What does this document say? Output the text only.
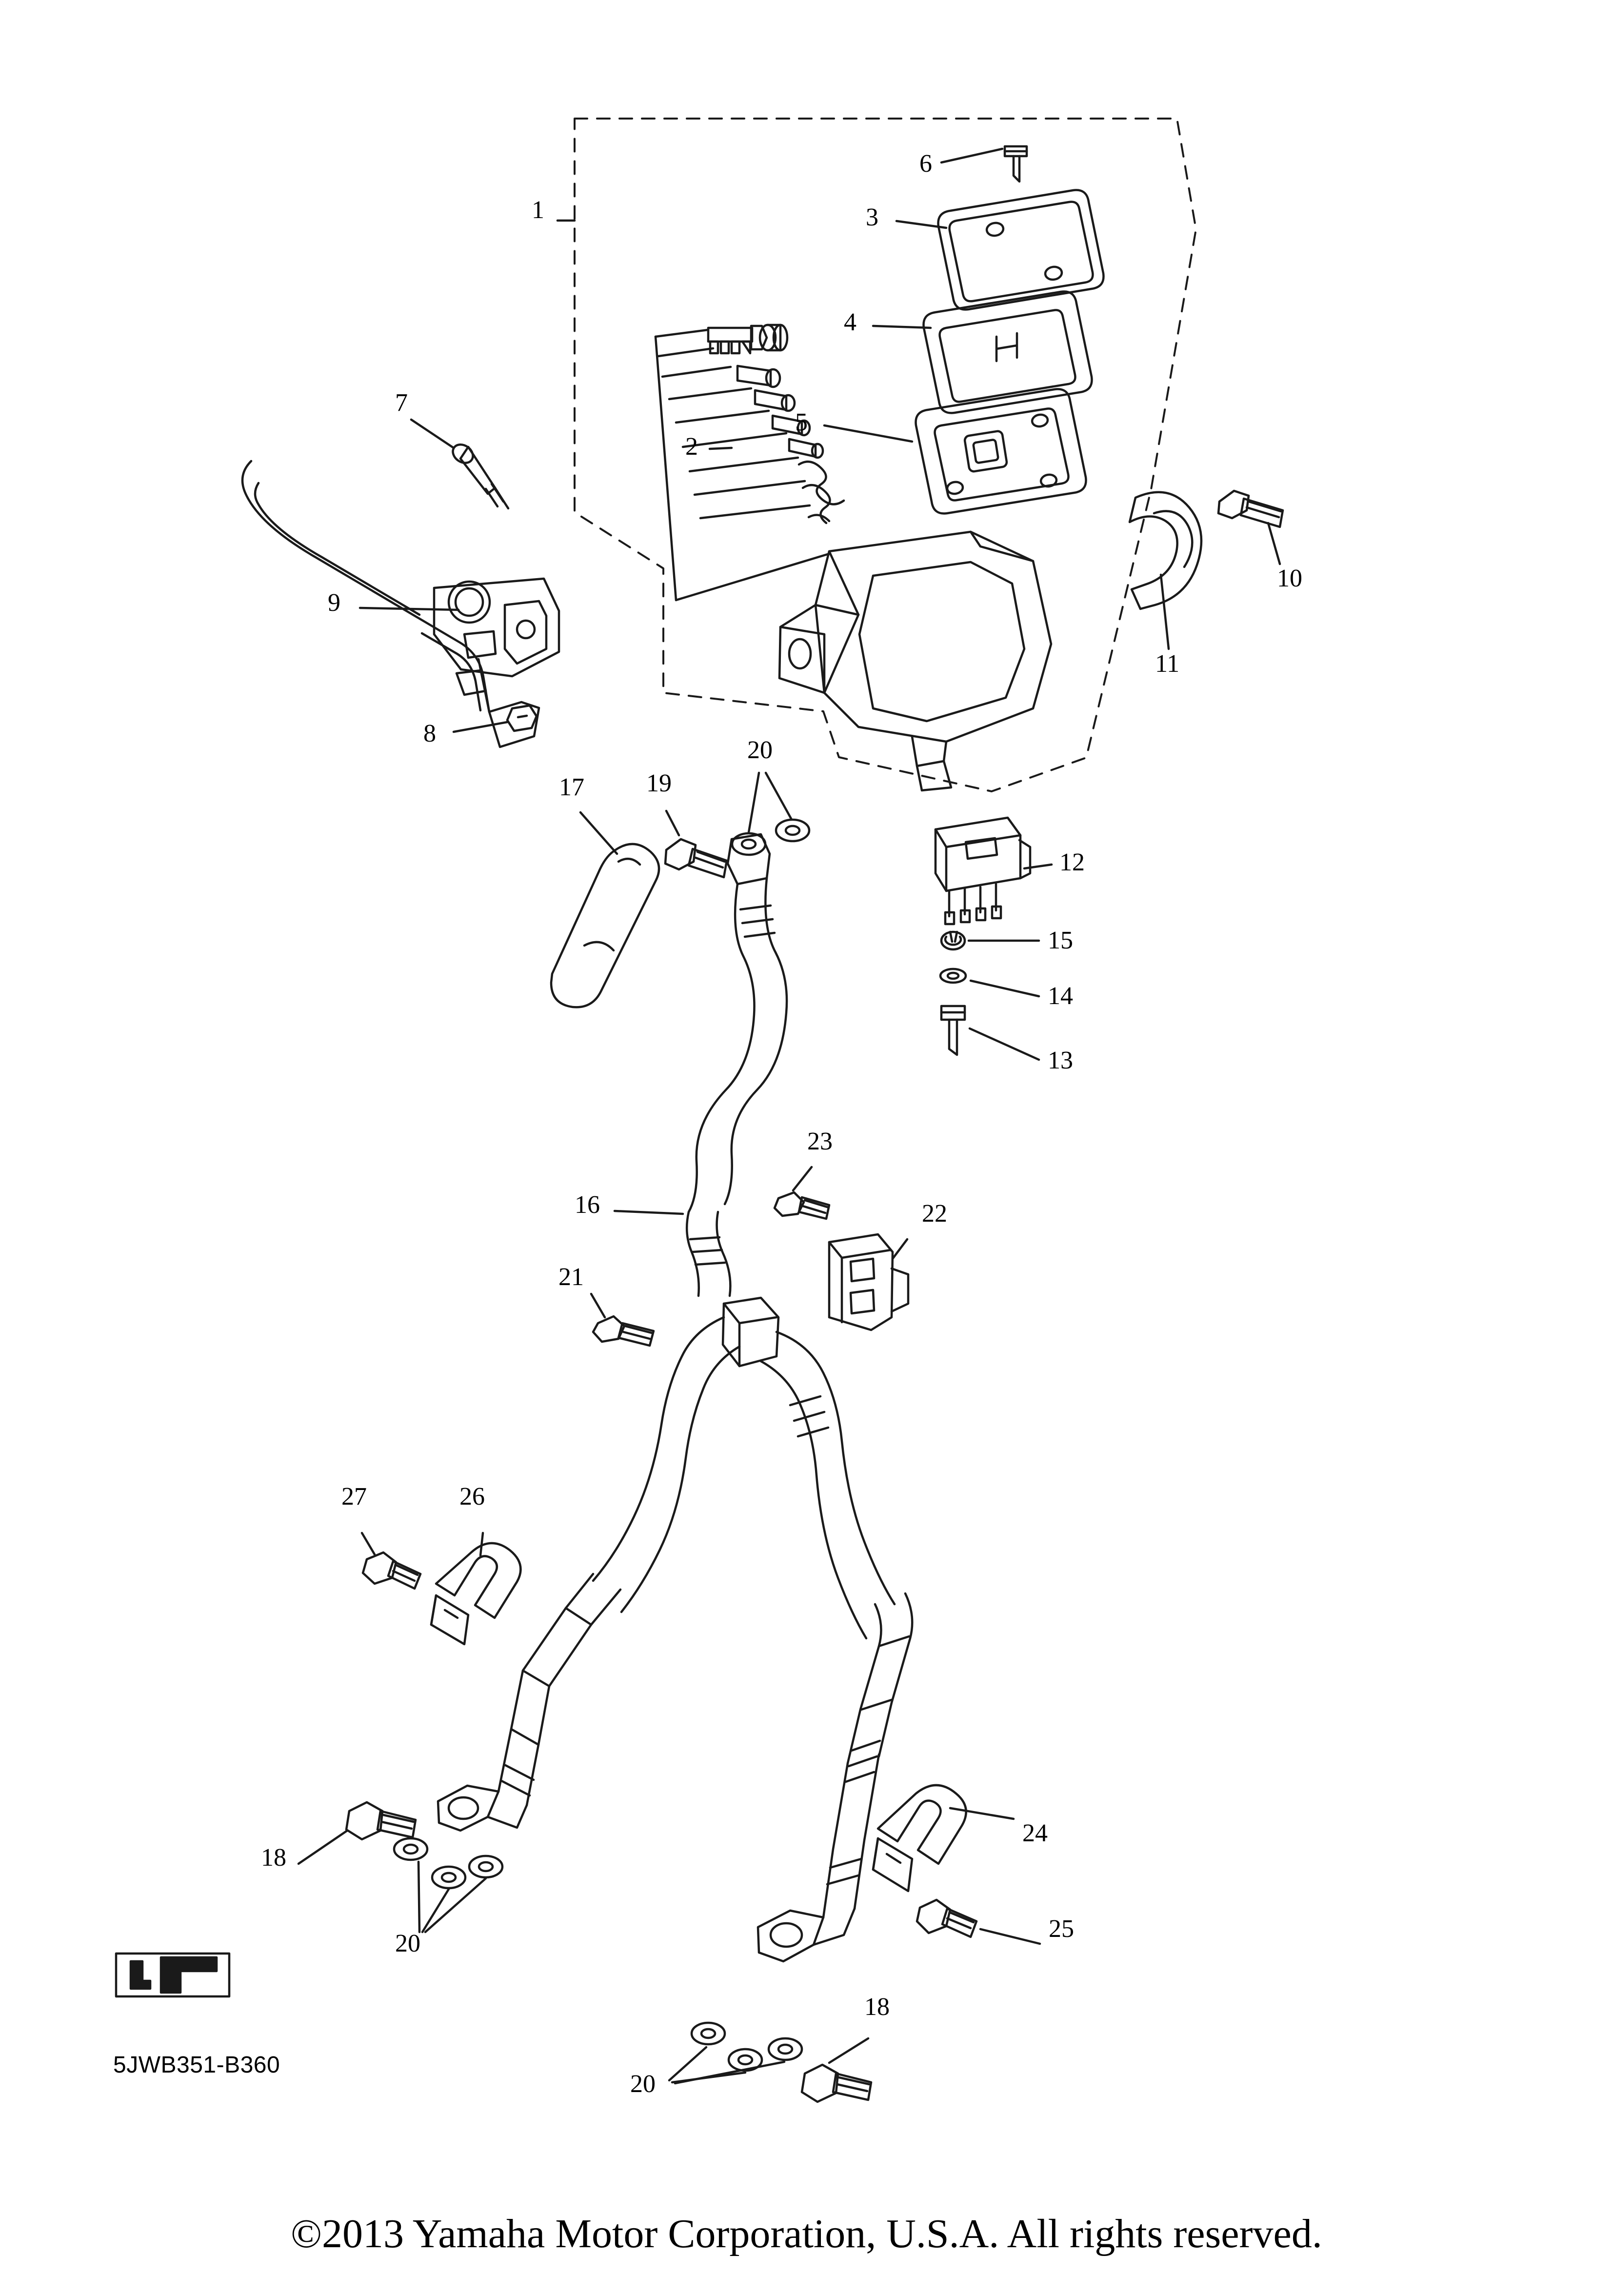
1
2
3
4
5
6
7
8
9
10
11
12
13
14
15
16
17
18
18
19
20
20
20
21
22
23
24
25
26
27
5JWB351-B360
©2013 Yamaha Motor Corporation, U.S.A. All rights reserved.
